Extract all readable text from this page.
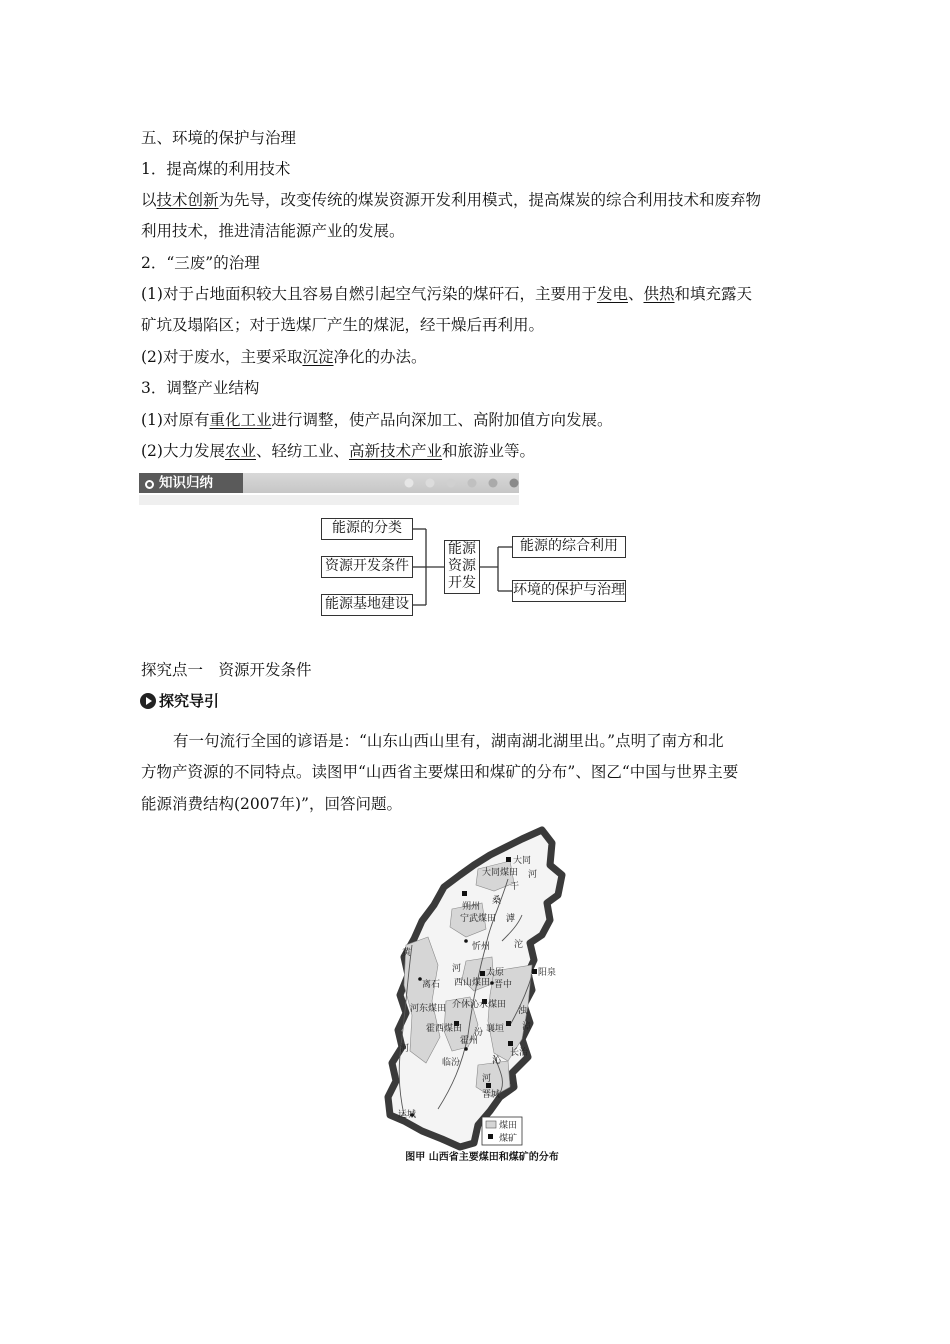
五、环境的保护与治理
1．提高煤的利用技术
以技术创新为先导，改变传统的煤炭资源开发利用模式，提高煤炭的综合利用技术和废弃物
利用技术，推进清洁能源产业的发展。
2．“三废”的治理
(1)对于占地面积较大且容易自燃引起空气污染的煤矸石，主要用于发电、供热和填充露天
矿坑及塌陷区；对于选煤厂产生的煤泥，经干燥后再利用。
(2)对于废水，主要采取沉淀净化的办法。
3．调整产业结构
(1)对原有重化工业进行调整，使产品向深加工、高附加值方向发展。
(2)大力发展农业、轻纺工业、高新技术产业和旅游业等。
知识归纳
能源的分类
资源开发条件
能源基地建设
能源
资源
开发
能源的综合利用
环境的保护与治理
探究点一　资源开发条件
探究导引
有一句流行全国的谚语是：“山东山西山里有，湖南湖北湖里出。”点明了南方和北
方物产资源的不同特点。读图甲“山西省主要煤田和煤矿的分布”、图乙“中国与世界主要
能源消费结构(2007年)”，回答问题。
大同
大同煤田
干
河
朔州
桑
宁武煤田 滹
忻州	沱
黄
河	太原
西山煤田 晋中
阳泉
离石
介休沁水煤田
浊
河东煤田
河
霍西煤田 汾
霍州
襄垣 漳
临汾	沁
长治
河
晋城
运城
煤田
煤矿
图甲 山西省主要煤田和煤矿的分布
